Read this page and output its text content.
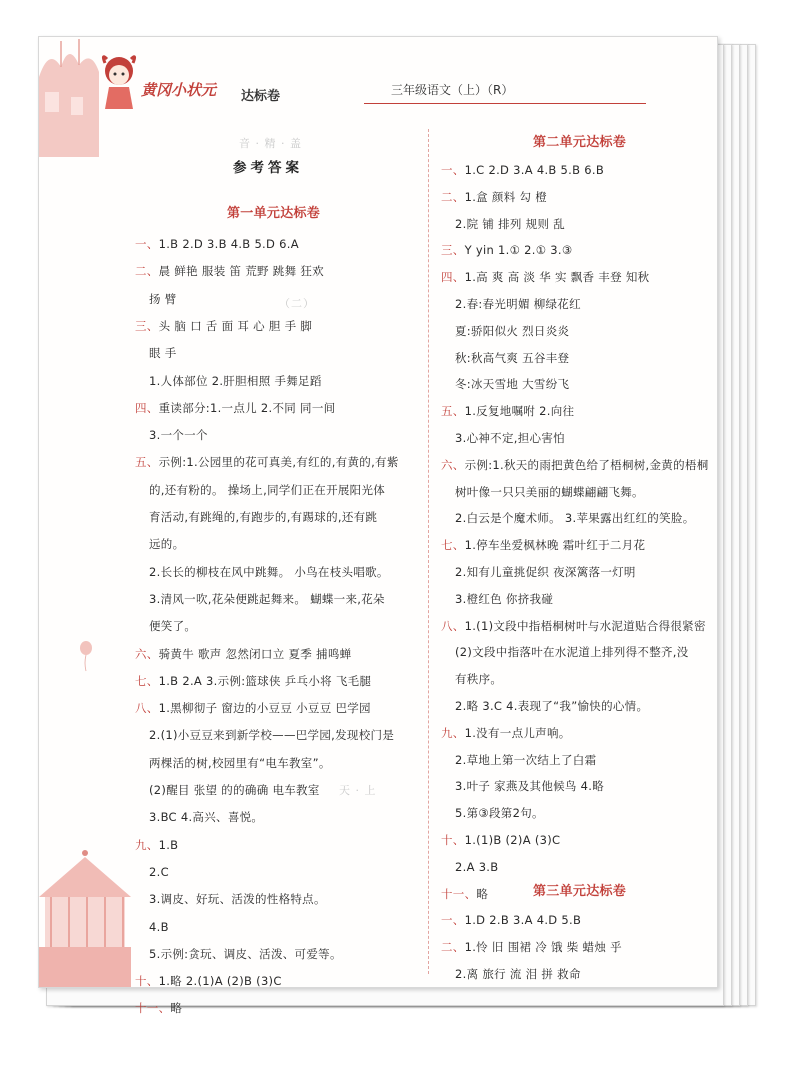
黄冈小状元 达标卷	三年级语文（上）（R）
音 · 精 · 盖
（二）
天 · 上
参考答案
第一单元达标卷
一、1.B 2.D 3.B 4.B 5.D 6.A
二、晨 鲜艳 服装 笛 荒野 跳舞 狂欢
扬 臂
三、头 脑 口 舌 面 耳 心 胆 手 脚
眼 手
1.人体部位 2.肝胆相照 手舞足蹈
四、重读部分:1.一点儿 2.不同 同一间
3.一个一个
五、示例:1.公园里的花可真美,有红的,有黄的,有紫
的,还有粉的。 操场上,同学们正在开展阳光体
育活动,有跳绳的,有跑步的,有踢球的,还有跳
远的。
2.长长的柳枝在风中跳舞。 小鸟在枝头唱歌。
3.清风一吹,花朵便跳起舞来。 蝴蝶一来,花朵
便笑了。
六、骑黄牛 歌声 忽然闭口立 夏季 捕鸣蝉
七、1.B 2.A 3.示例:篮球侠 乒乓小将 飞毛腿
八、1.黑柳彻子 窗边的小豆豆 小豆豆 巴学园
2.(1)小豆豆来到新学校——巴学园,发现校门是
两棵活的树,校园里有“电车教室”。
(2)醒目 张望 的的确确 电车教室
3.BC 4.高兴、喜悦。
九、1.B
2.C
3.调皮、好玩、活泼的性格特点。
4.B
5.示例:贪玩、调皮、活泼、可爱等。
十、1.略 2.(1)A (2)B (3)C
十一、略
第二单元达标卷
一、1.C 2.D 3.A 4.B 5.B 6.B
二、1.盒 颜料 勾 橙
2.院 铺 排列 规则 乱
三、Y yin 1.① 2.① 3.③
四、1.高 爽 高 淡 华 实 飘香 丰登 知秋
2.春:春光明媚 柳绿花红
夏:骄阳似火 烈日炎炎
秋:秋高气爽 五谷丰登
冬:冰天雪地 大雪纷飞
五、1.反复地嘱咐 2.向往
3.心神不定,担心害怕
六、示例:1.秋天的雨把黄色给了梧桐树,金黄的梧桐
树叶像一只只美丽的蝴蝶翩翩飞舞。
2.白云是个魔术师。 3.苹果露出红红的笑脸。
七、1.停车坐爱枫林晚 霜叶红于二月花
2.知有儿童挑促织 夜深篱落一灯明
3.橙红色 你挤我碰
八、1.(1)文段中指梧桐树叶与水泥道贴合得很紧密
(2)文段中指落叶在水泥道上排列得不整齐,没
有秩序。
2.略 3.C 4.表现了“我”愉快的心情。
九、1.没有一点儿声响。
2.草地上第一次结上了白霜
3.叶子 家燕及其他候鸟 4.略
5.第③段第2句。
十、1.(1)B (2)A (3)C
2.A 3.B
十一、略	第三单元达标卷
一、1.D 2.B 3.A 4.D 5.B
二、1.怜 旧 围裙 冷 饿 柴 蜡烛 乎
2.离 旅行 流 泪 拼 救命
